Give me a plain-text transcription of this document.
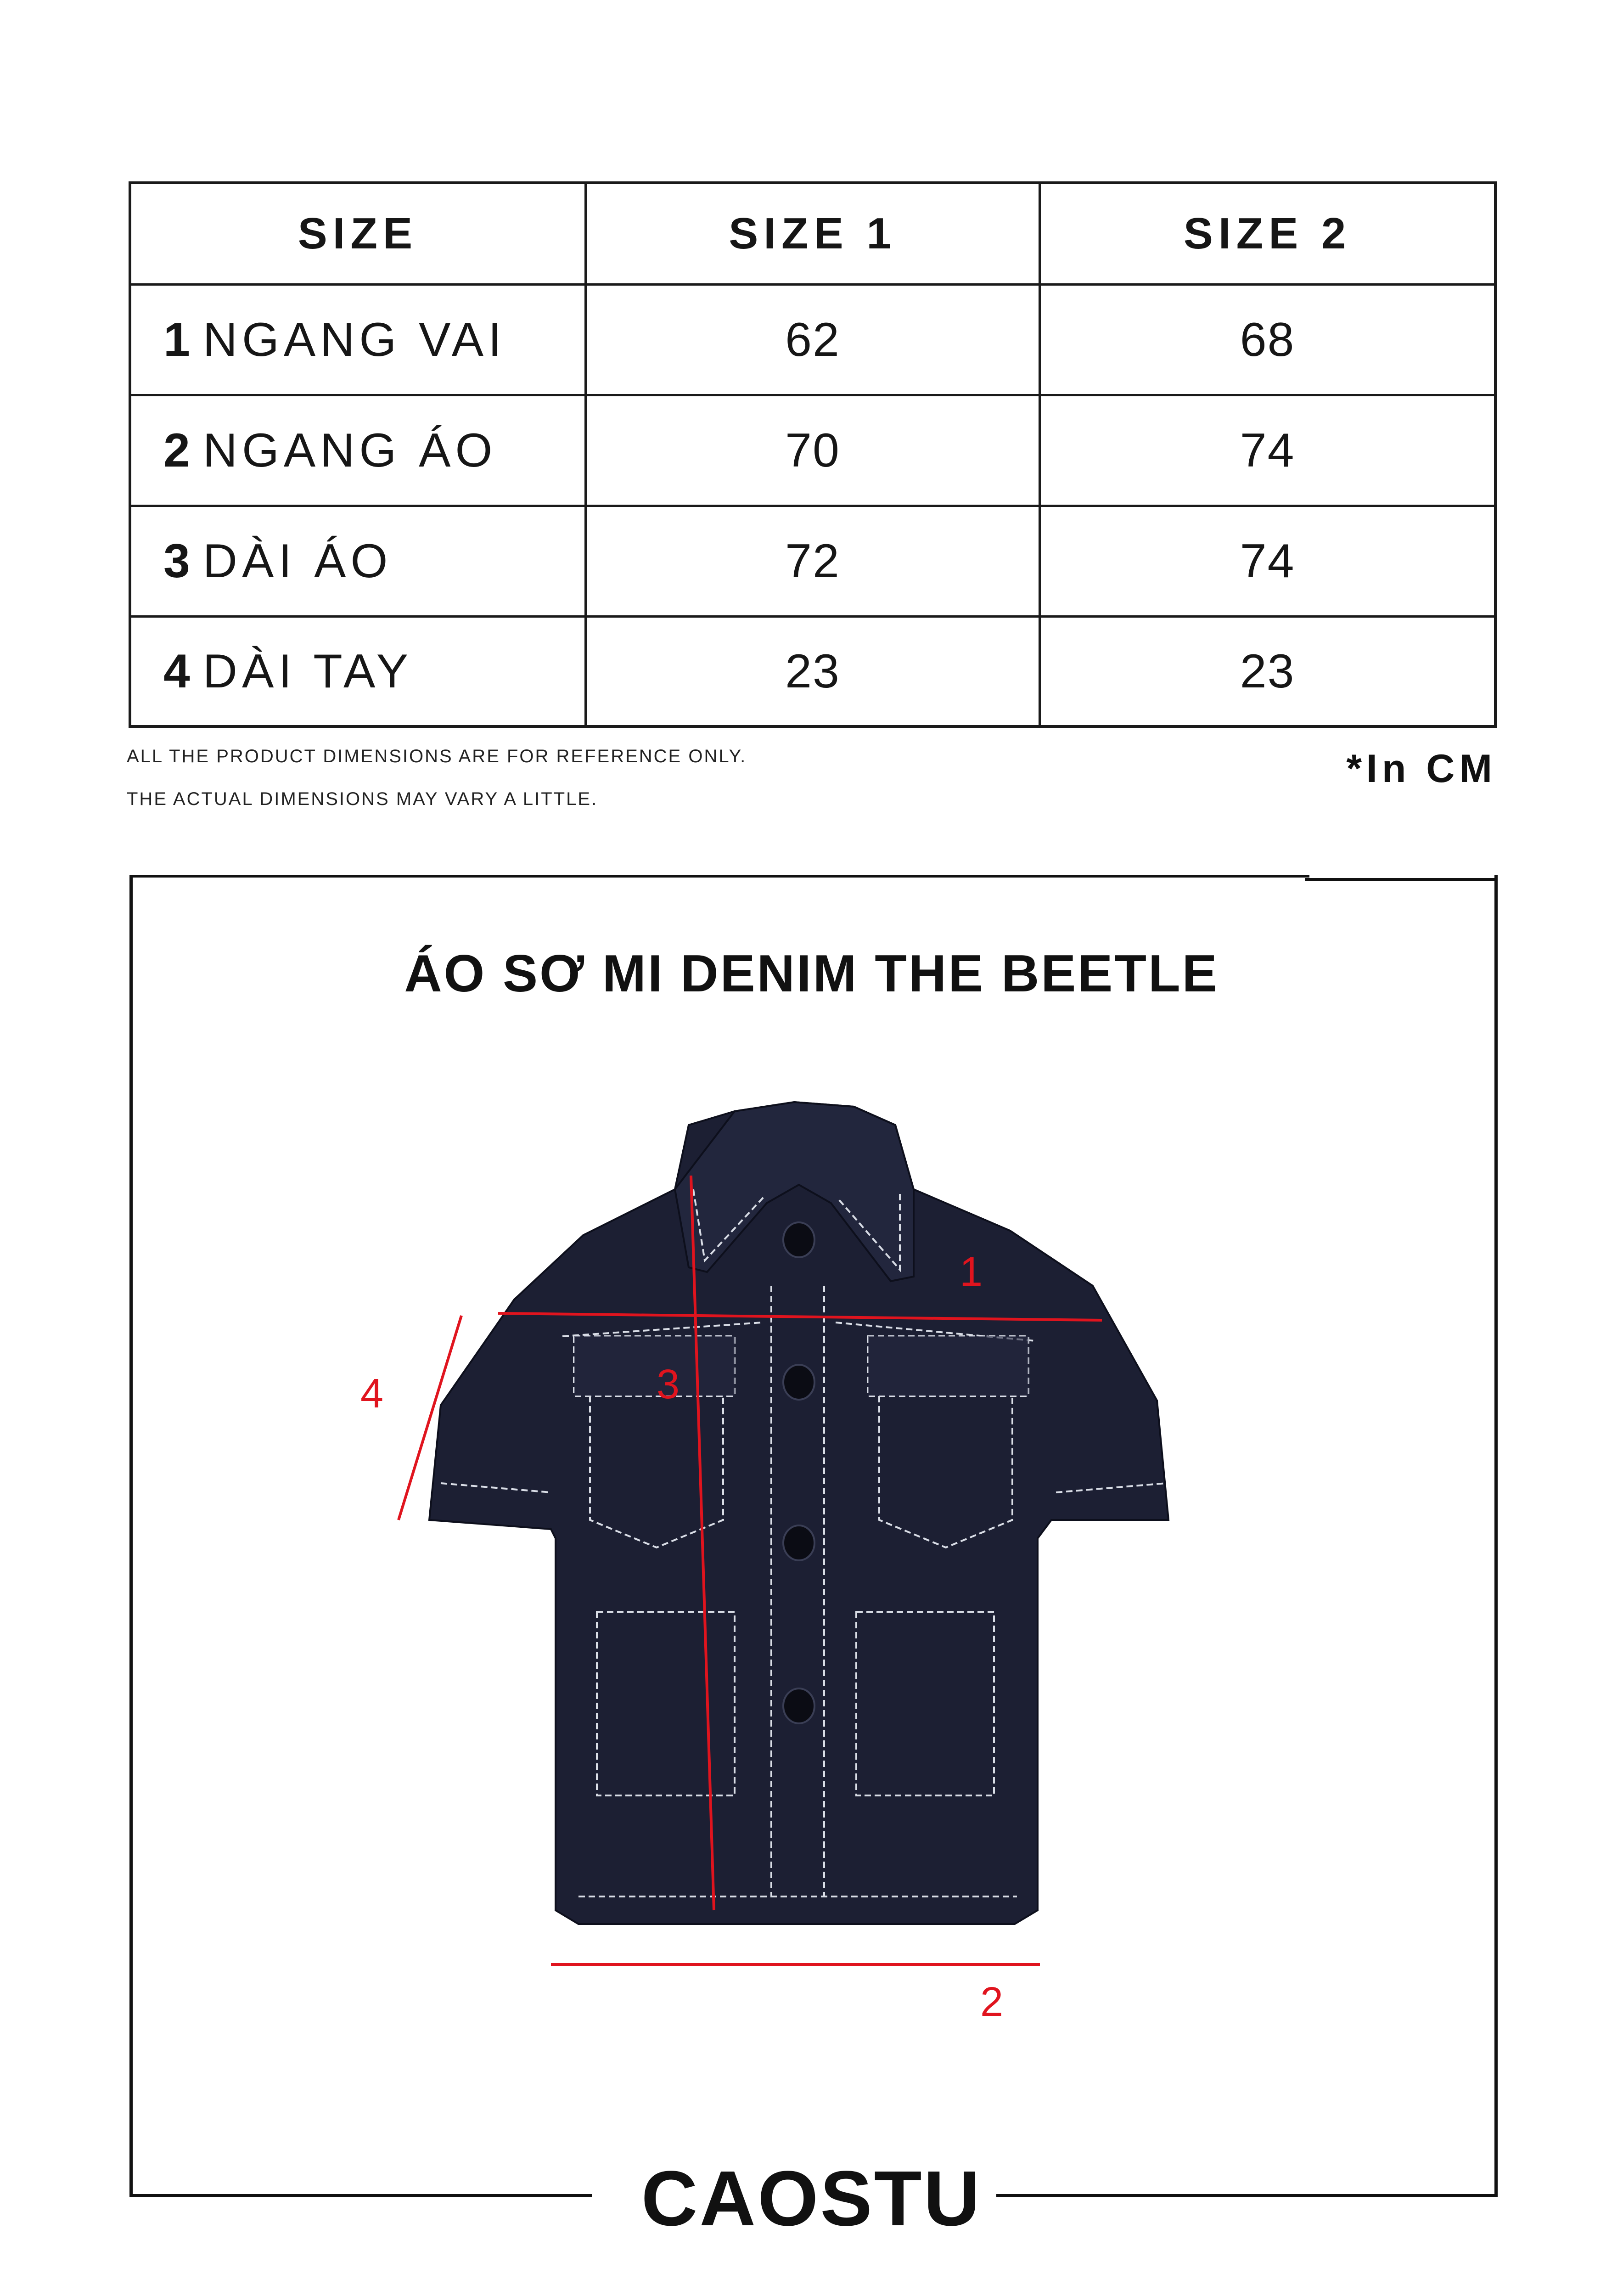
SIZE	SIZE 1	SIZE 2
1 NGANG VAI	62	68
2 NGANG ÁO	70	74
3 DÀI ÁO	72	74
4 DÀI TAY	23	23
ALL THE PRODUCT DIMENSIONS ARE FOR REFERENCE ONLY.
THE ACTUAL DIMENSIONS MAY VARY A LITTLE.
*In CM
ÁO SƠ MI DENIM THE BEETLE
1
2
3
4
CAOSTU
